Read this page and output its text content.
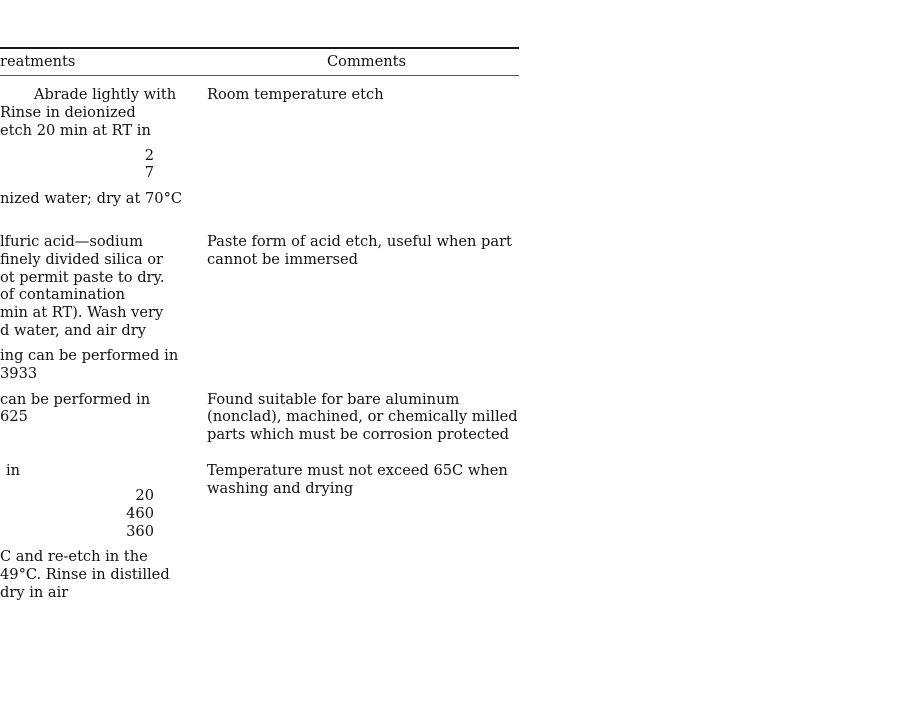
reatments	Comments
Abrade lightly with
Rinse in deionized
etch 20 min at RT in
2
7
nized water; dry at 70°C
Room temperature etch
lfuric acid—sodium
finely divided silica or
ot permit paste to dry.
of contamination
min at RT). Wash very
d water, and air dry
ing can be performed in
3933
Paste form of acid etch, useful when part
cannot be immersed
can be performed in
625
Found suitable for bare aluminum
(nonclad), machined, or chemically milled
parts which must be corrosion protected
in
20
460
360
C and re-etch in the
49°C. Rinse in distilled
dry in air
Temperature must not exceed 65C when
washing and drying
